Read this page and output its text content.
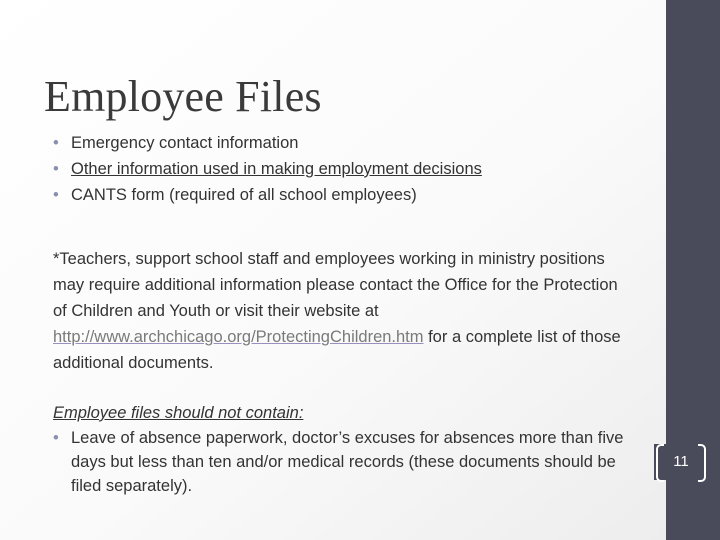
Employee Files
• Emergency contact information
• Other information used in making employment decisions
• CANTS form (required of all school employees)

*Teachers, support school staff and employees working in ministry positions may require additional information please contact the Office for the Protection of Children and Youth or visit their website at http://www.archchicago.org/ProtectingChildren.htm for a complete list of those additional documents.

Employee files should not contain:

• Leave of absence paperwork, doctor’s excuses for absences more than five days but less than ten and/or medical records (these documents should be filed separately).
11
